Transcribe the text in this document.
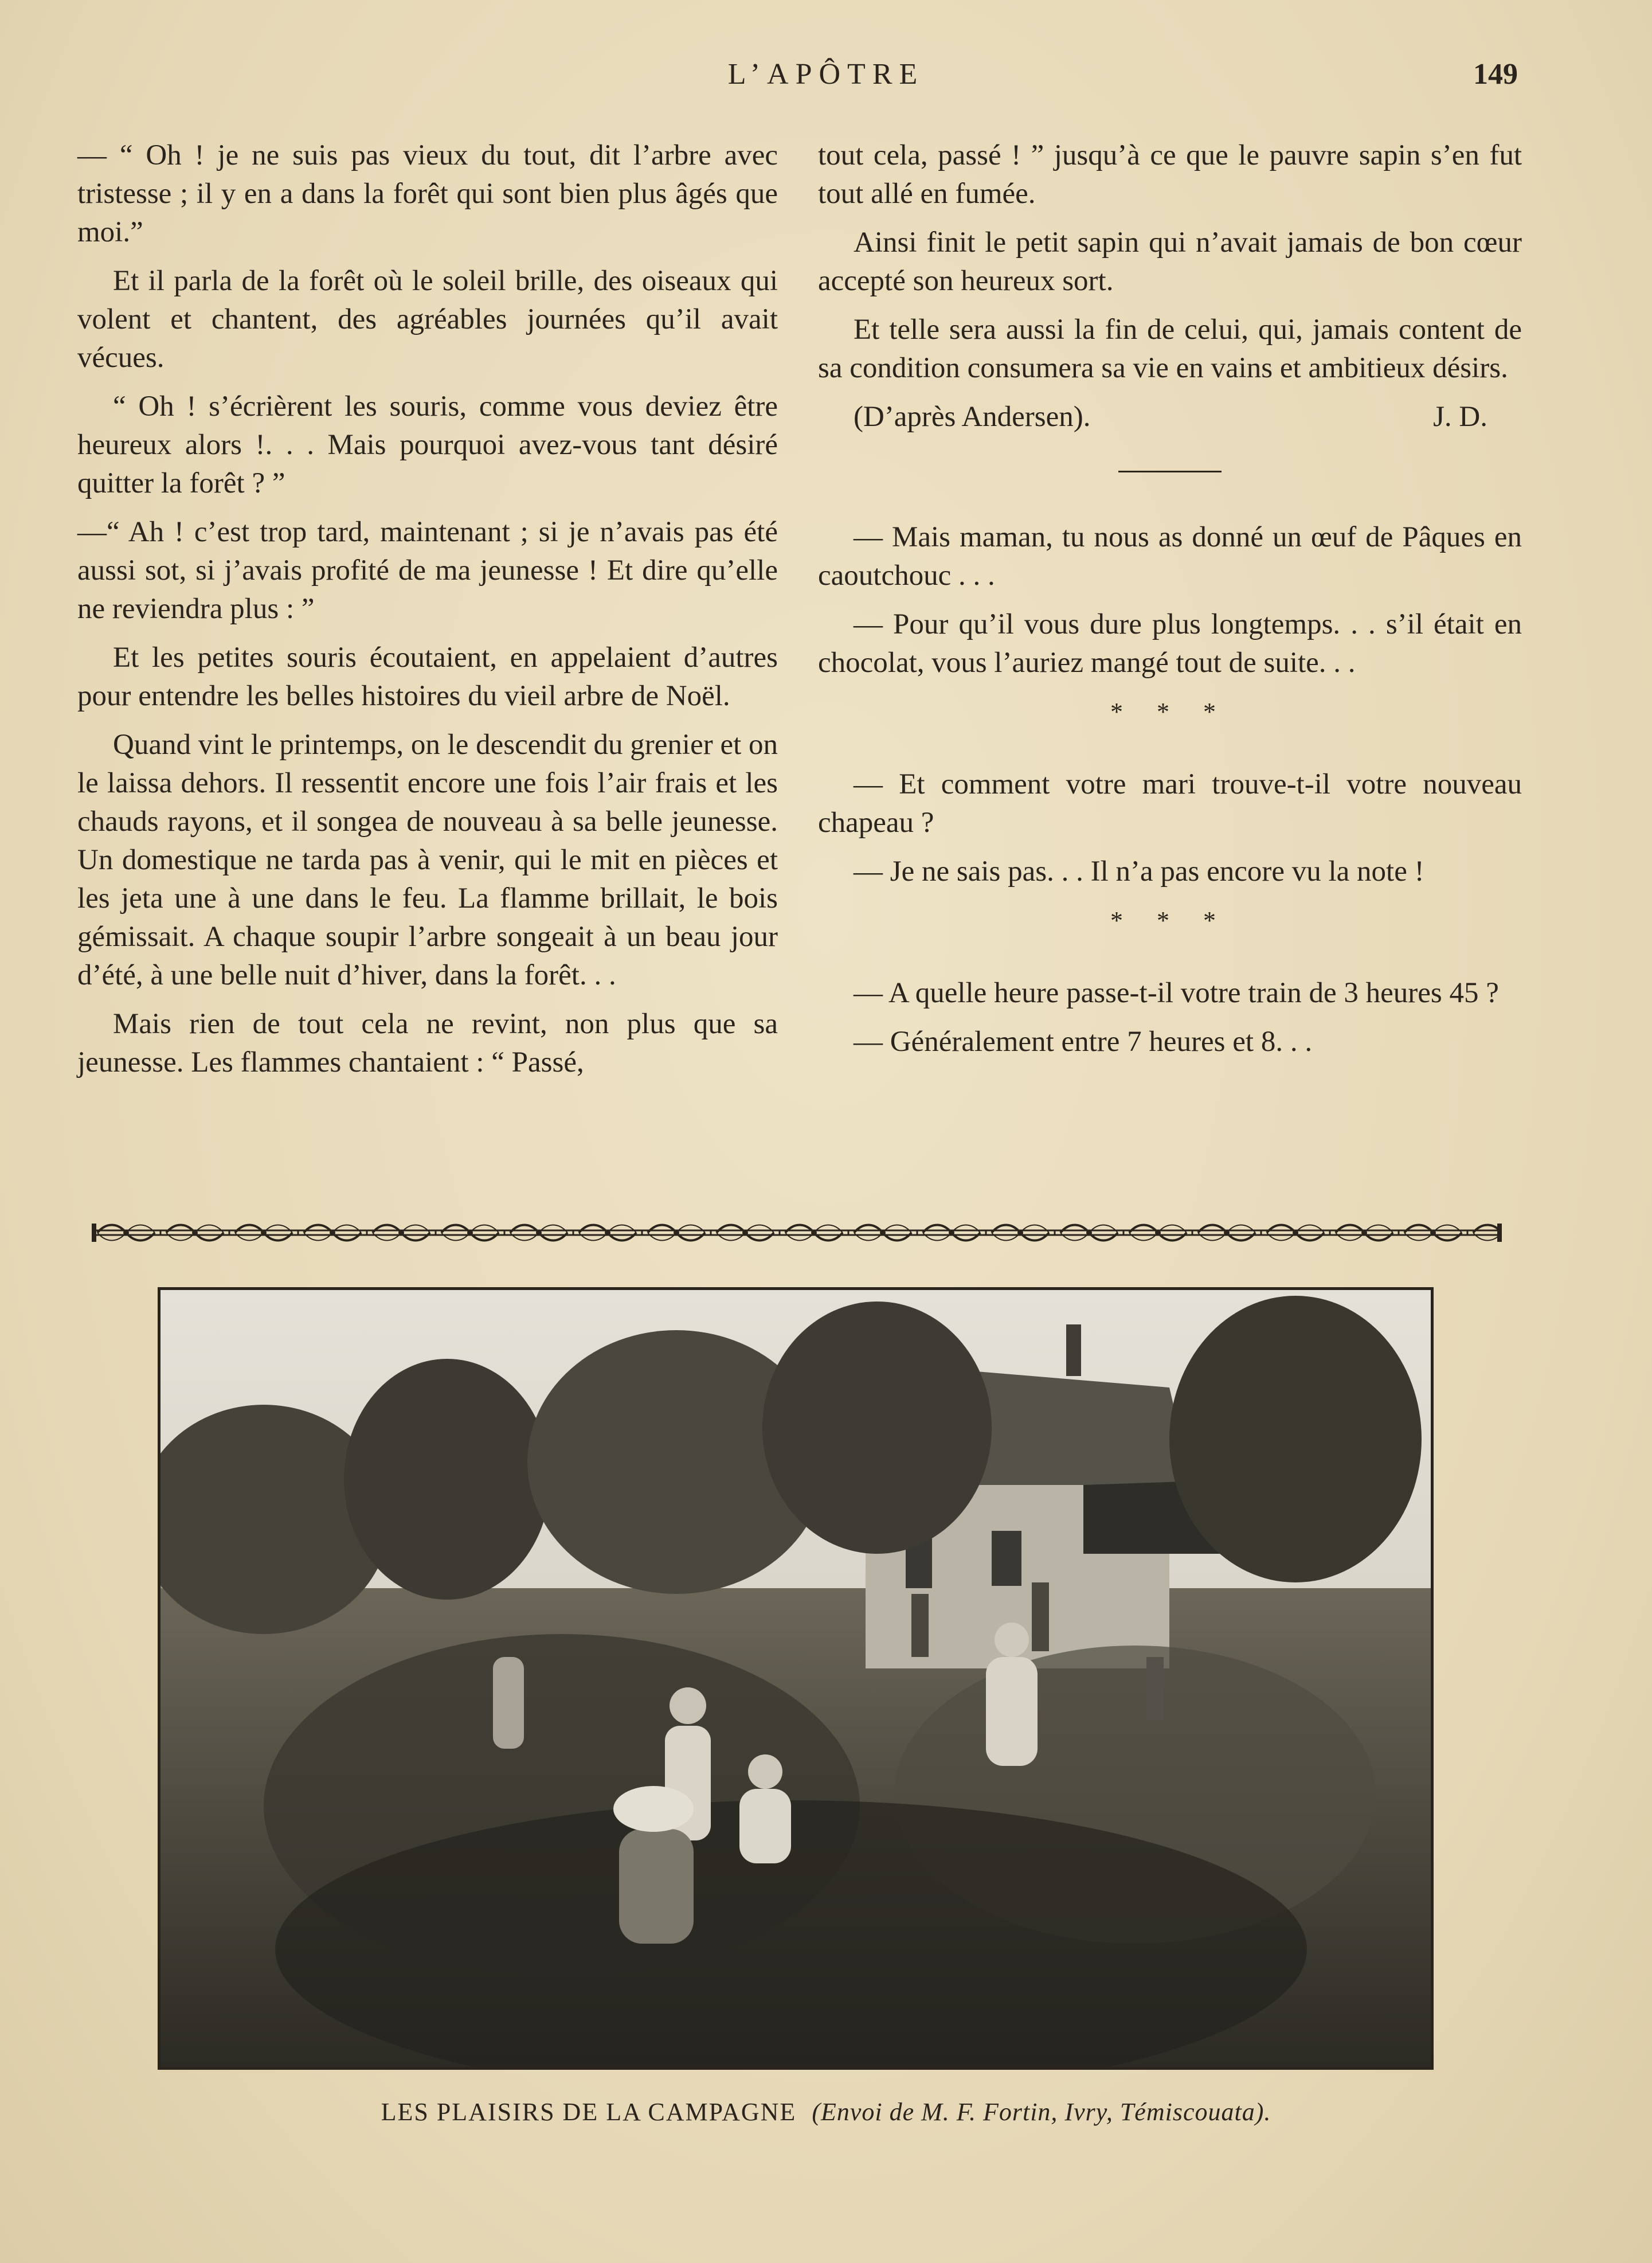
L’APÔTRE	149

— “ Oh ! je ne suis pas vieux du tout, dit l’arbre avec tristesse ; il y en a dans la forêt qui sont bien plus âgés que moi.”

Et il parla de la forêt où le soleil brille, des oiseaux qui volent et chantent, des agréables journées qu’il avait vécues.

“ Oh ! s’écrièrent les souris, comme vous deviez être heureux alors !. . . Mais pourquoi avez-vous tant désiré quitter la forêt ? ”

—“ Ah ! c’est trop tard, maintenant ; si je n’avais pas été aussi sot, si j’avais profité de ma jeunesse ! Et dire qu’elle ne reviendra plus : ”

Et les petites souris écoutaient, en appelaient d’autres pour entendre les belles histoires du vieil arbre de Noël.

Quand vint le printemps, on le descendit du grenier et on le laissa dehors. Il ressentit encore une fois l’air frais et les chauds rayons, et il songea de nouveau à sa belle jeunesse. Un domestique ne tarda pas à venir, qui le mit en pièces et les jeta une à une dans le feu. La flamme brillait, le bois gémissait. A chaque soupir l’arbre songeait à un beau jour d’été, à une belle nuit d’hiver, dans la forêt. . .

Mais rien de tout cela ne revint, non plus que sa jeunesse. Les flammes chantaient : “ Passé,

tout cela, passé ! ” jusqu’à ce que le pauvre sapin s’en fut tout allé en fumée.

Ainsi finit le petit sapin qui n’avait jamais de bon cœur accepté son heureux sort.

Et telle sera aussi la fin de celui, qui, jamais content de sa condition consumera sa vie en vains et ambitieux désirs.

(D’après Andersen).	J. D.

— Mais maman, tu nous as donné un œuf de Pâques en caoutchouc . . .

— Pour qu’il vous dure plus longtemps. . . s’il était en chocolat, vous l’auriez mangé tout de suite. . .

* * *

— Et comment votre mari trouve-t-il votre nouveau chapeau ?

— Je ne sais pas. . . Il n’a pas encore vu la note !

* * *

— A quelle heure passe-t-il votre train de 3 heures 45 ?

— Généralement entre 7 heures et 8. . .

LES PLAISIRS DE LA CAMPAGNE (Envoi de M. F. Fortin, Ivry, Témiscouata).
